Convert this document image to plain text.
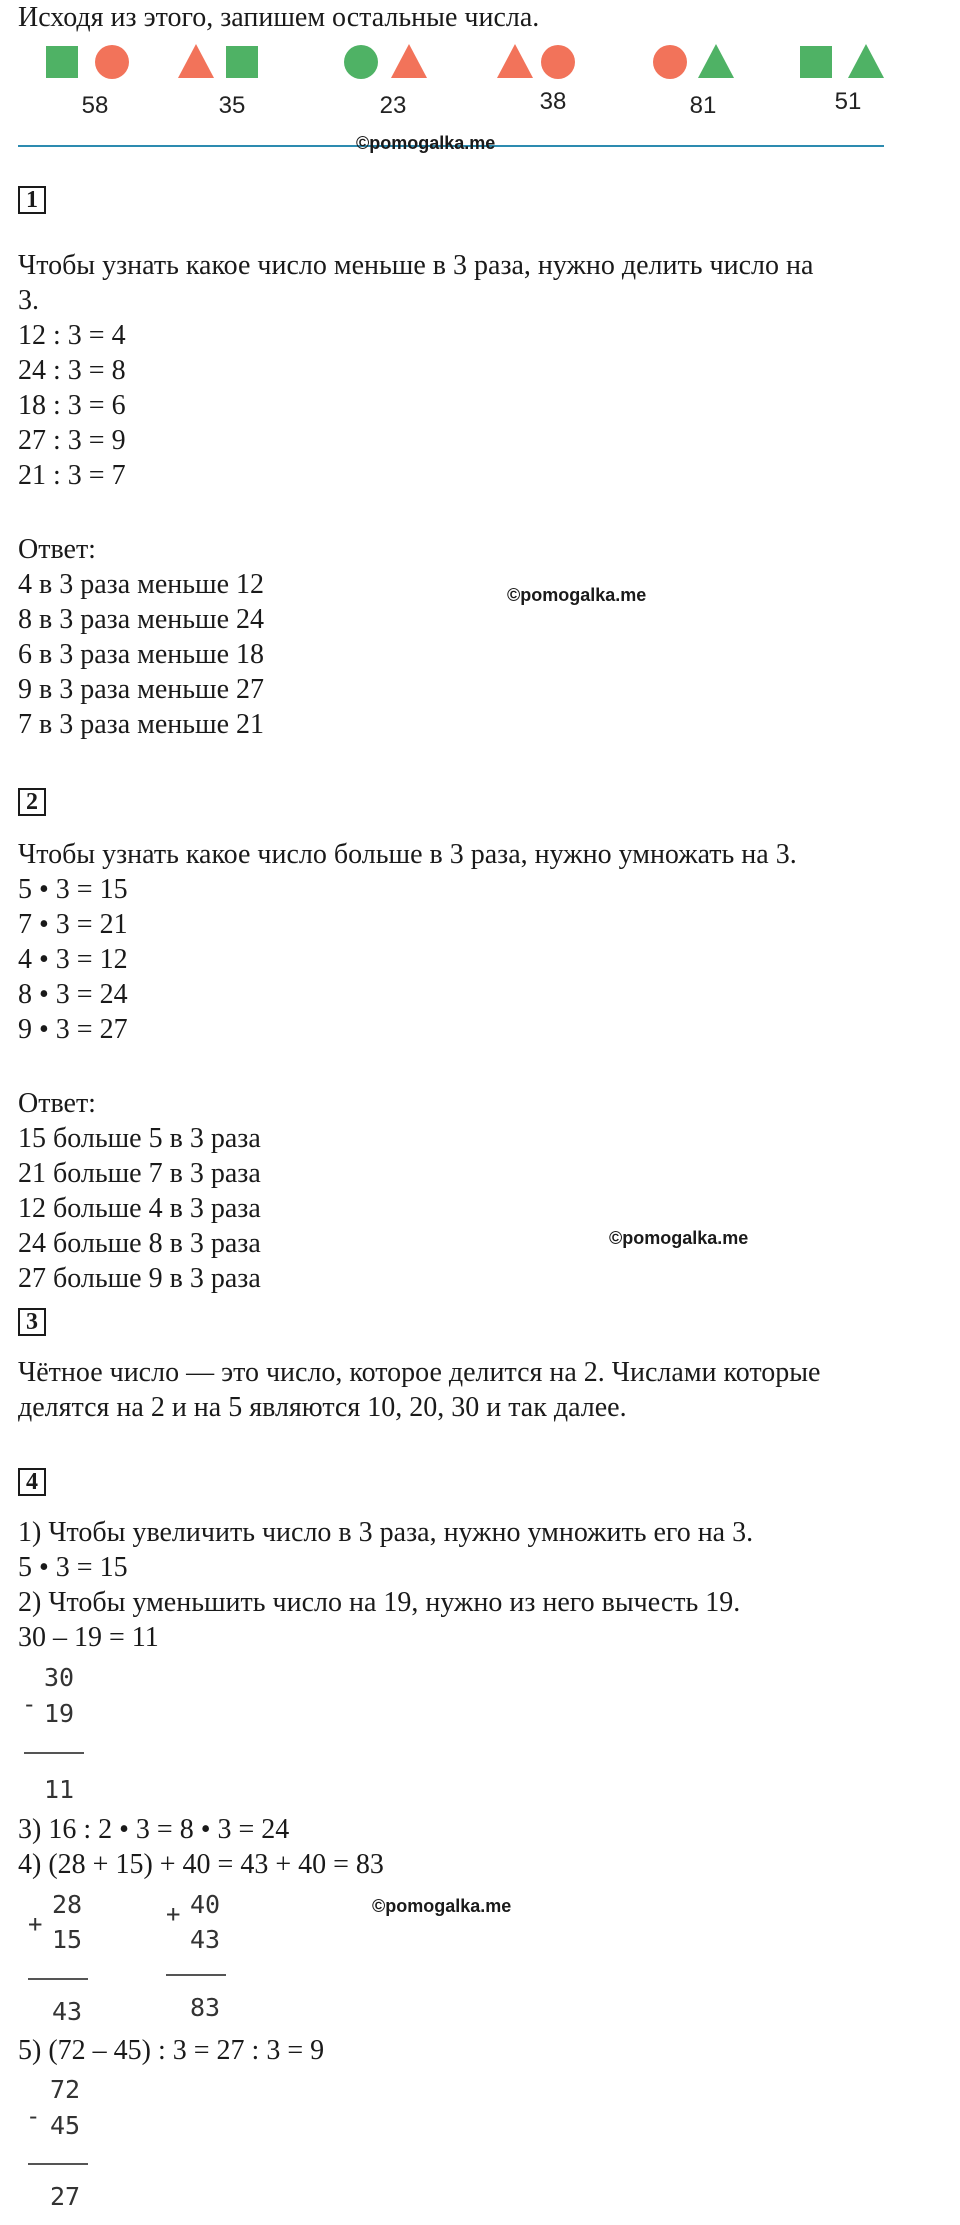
Исходя из этого, запишем остальные числа.
58	35	23	38	81	51
©pomogalka.me
1
Чтобы узнать какое число меньше в 3 раза, нужно делить число на
3.
12 : 3 = 4
24 : 3 = 8
18 : 3 = 6
27 : 3 = 9
21 : 3 = 7
Ответ:
4 в 3 раза меньше 12
8 в 3 раза меньше 24
6 в 3 раза меньше 18
9 в 3 раза меньше 27
7 в 3 раза меньше 21
©pomogalka.me
2
Чтобы узнать какое число больше в 3 раза, нужно умножать на 3.
5 • 3 = 15
7 • 3 = 21
4 • 3 = 12
8 • 3 = 24
9 • 3 = 27
Ответ:
15 больше 5 в 3 раза
21 больше 7 в 3 раза
12 больше 4 в 3 раза
24 больше 8 в 3 раза
27 больше 9 в 3 раза
©pomogalka.me
3
Чётное число — это число, которое делится на 2. Числами которые
делятся на 2 и на 5 являются 10, 20, 30 и так далее.
4
1) Чтобы увеличить число в 3 раза, нужно умножить его на 3.
5 • 3 = 15
2) Чтобы уменьшить число на 19, нужно из него вычесть 19.
30 – 19 = 11
-
30
19
11
3) 16 : 2 • 3 = 8 • 3 = 24
4) (28 + 15) + 40 = 43 + 40 = 83
©pomogalka.me
+
28
15
43
+ 40
43
83
5) (72 – 45) : 3 = 27 : 3 = 9
-
72
45
27
